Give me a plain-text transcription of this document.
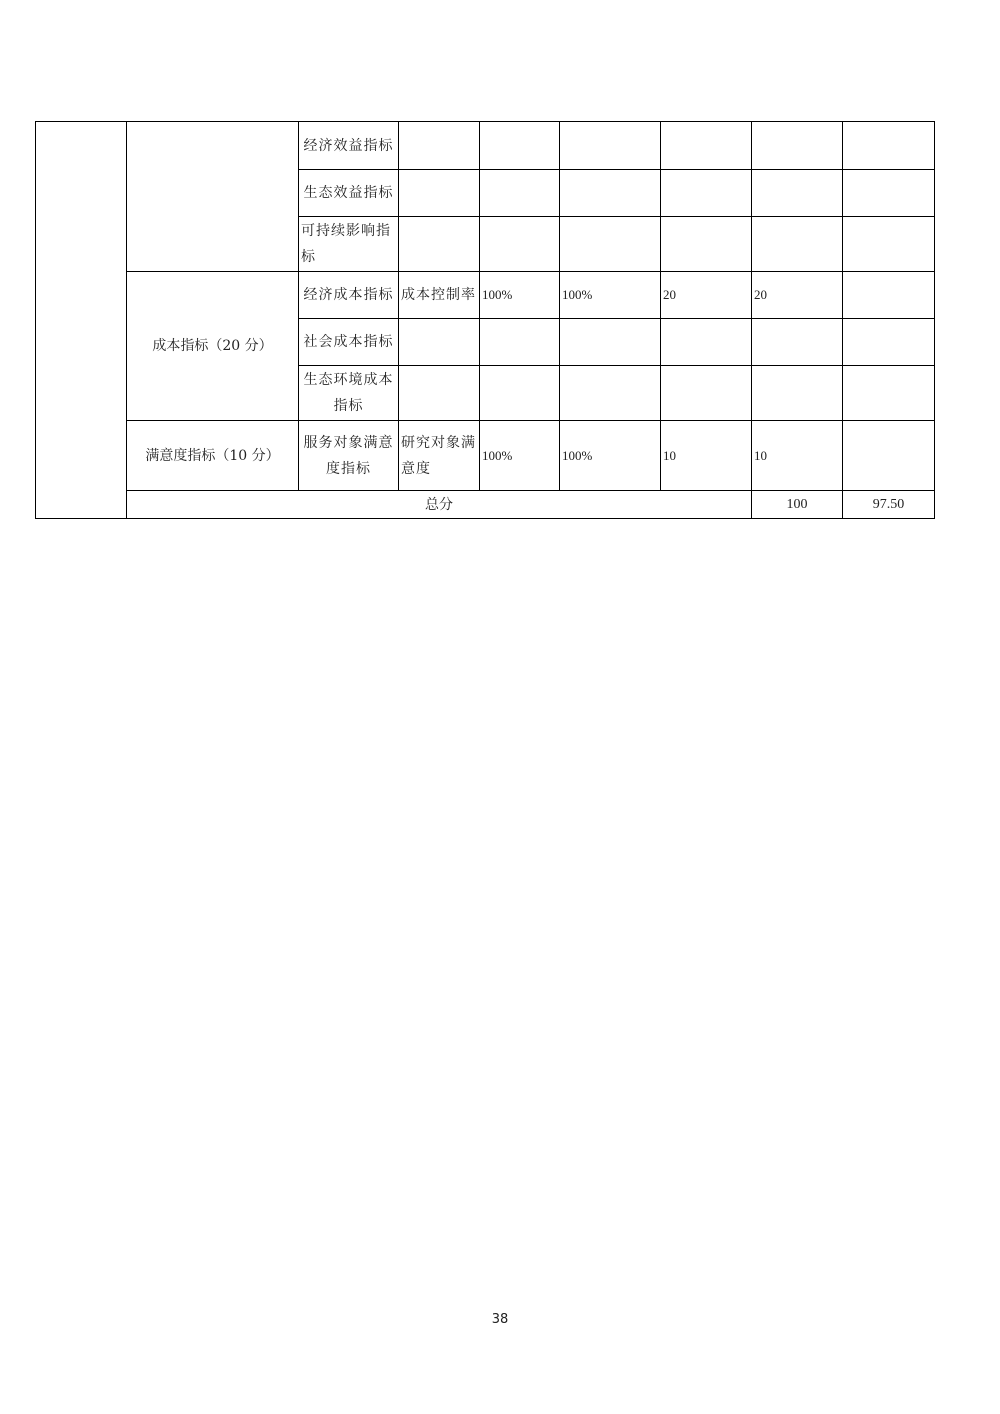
		经济效益指标							
		生态效益指标							
		可持续影响指标							
	成本指标（20 分）	经济成本指标	成本控制率	100%	100%	20	20		
		社会成本指标							
		生态环境成本指标							
	满意度指标（10 分）	服务对象满意度指标	研究对象满意度	100%	100%	10	10		
	总分						100	97.50	
38
